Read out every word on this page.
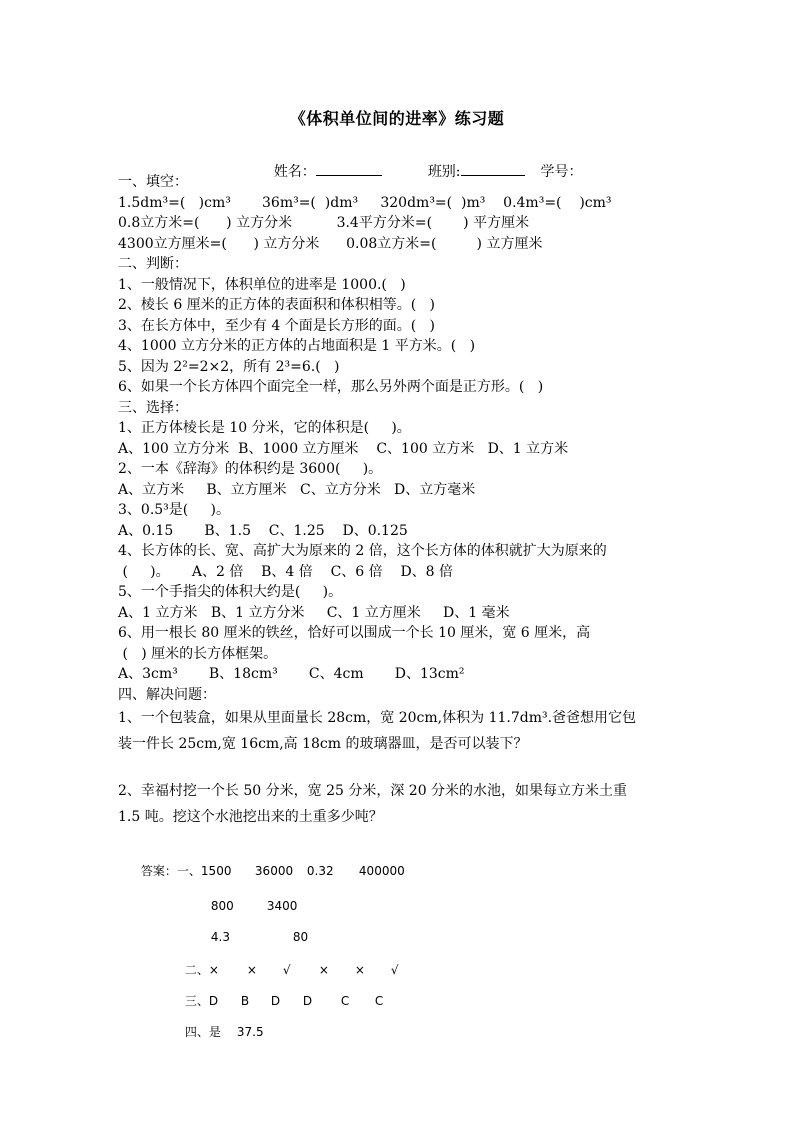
《体积单位间的进率》练习题

姓名：	班别:	学号：

一、填空：
1.5dm³=(   )cm³       36m³=(  )dm³     320dm³=(  )m³    0.4m³=(    )cm³
0.8立方米=(      ) 立方分米          3.4平方分米=(       ) 平方厘米
4300立方厘米=(      ) 立方分米      0.08立方米=(         ) 立方厘米
二、判断：
1、一般情况下，体积单位的进率是 1000.(   )
2、棱长 6 厘米的正方体的表面积和体积相等。(   )
3、在长方体中，至少有 4 个面是长方形的面。(   )
4、1000 立方分米的正方体的占地面积是 1 平方米。(   )
5、因为 2²=2×2，所有 2³=6.(   )
6、如果一个长方体四个面完全一样，那么另外两个面是正方形。(   )
三、选择：
1、正方体棱长是 10 分米，它的体积是(     )。
A、100 立方分米  B、1000 立方厘米    C、100 立方米   D、1 立方米
2、一本《辞海》的体积约是 3600(     )。
A、立方米     B、立方厘米   C、立方分米   D、立方毫米
3、0.5³是(     )。
A、0.15       B、1.5    C、1.25    D、0.125
4、长方体的长、宽、高扩大为原来的 2 倍，这个长方体的体积就扩大为原来的
(     )。     A、2 倍    B、4 倍    C、6 倍    D、8 倍
5、一个手指尖的体积大约是(     )。
A、1 立方米   B、1 立方分米     C、1 立方厘米     D、1 毫米
6、用一根长 80 厘米的铁丝，恰好可以围成一个长 10 厘米，宽 6 厘米，高
(   ) 厘米的长方体框架。
A、3cm³       B、18cm³       C、4cm       D、13cm²
四、解决问题：
1、一个包装盒，如果从里面量长 28cm，宽 20cm,体积为 11.7dm³.爸爸想用它包
装一件长 25cm,宽 16cm,高 18cm 的玻璃器皿，是否可以装下？
2、幸福村挖一个长 50 分米，宽 25 分米，深 20 分米的水池，如果每立方米土重
1.5 吨。挖这个水池挖出来的土重多少吨？

答案：一、1500 36000 0.32 400000

800	3400

4.3	80

二、× × √ × × √

三、D B D D C C

四、是 37.5
